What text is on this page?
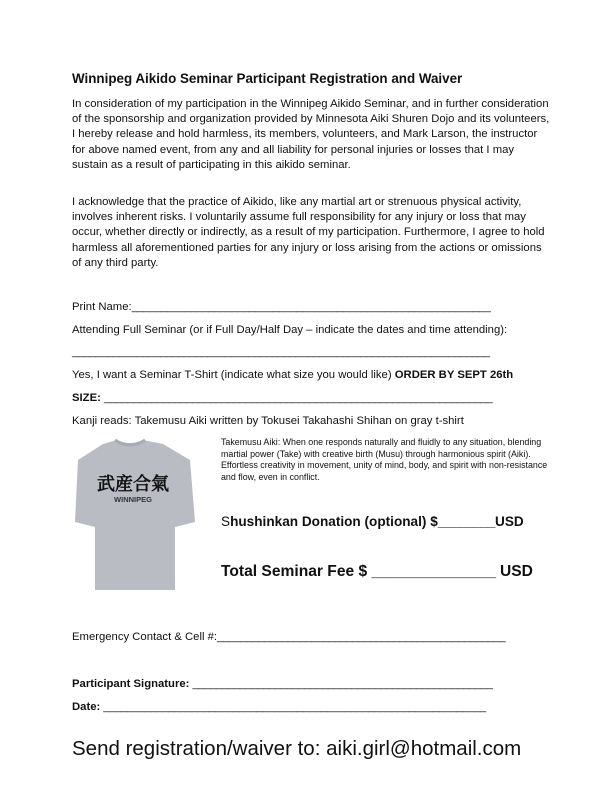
Winnipeg Aikido Seminar Participant Registration and Waiver
In consideration of my participation in the Winnipeg Aikido Seminar, and in further consideration of the sponsorship and organization provided by Minnesota Aiki Shuren Dojo and its volunteers, I hereby release and hold harmless, its members, volunteers, and Mark Larson, the instructor for above named event, from any and all liability for personal injuries or losses that I may sustain as a result of participating in this aikido seminar.
I acknowledge that the practice of Aikido, like any martial art or strenuous physical activity, involves inherent risks. I voluntarily assume full responsibility for any injury or loss that may occur, whether directly or indirectly, as a result of my participation. Furthermore, I agree to hold harmless all aforementioned parties for any injury or loss arising from the actions or omissions of any third party.
Print Name:_____________________________________________________________
Attending Full Seminar (or if Full Day/Half Day – indicate the dates and time attending):
_______________________________________________________________________
Yes, I want a Seminar T-Shirt (indicate what size you would like) ORDER BY SEPT 26th
SIZE: __________________________________________________________________
Kanji reads: Takemusu Aiki written by Tokusei Takahashi Shihan on gray t-shirt
武産合氣
WINNIPEG
Takemusu Aiki: When one responds naturally and fluidly to any situation, blending martial power (Take) with creative birth (Musu) through harmonious spirit (Aiki). Effortless creativity in movement, unity of mind, body, and spirit with non-resistance and flow, even in conflict.
Shushinkan Donation (optional) $________USD
Total Seminar Fee $ _______________ USD
Emergency Contact & Cell #:_________________________________________________
Participant Signature: ___________________________________________________
Date: _________________________________________________________________
Send registration/waiver to: aiki.girl@hotmail.com
